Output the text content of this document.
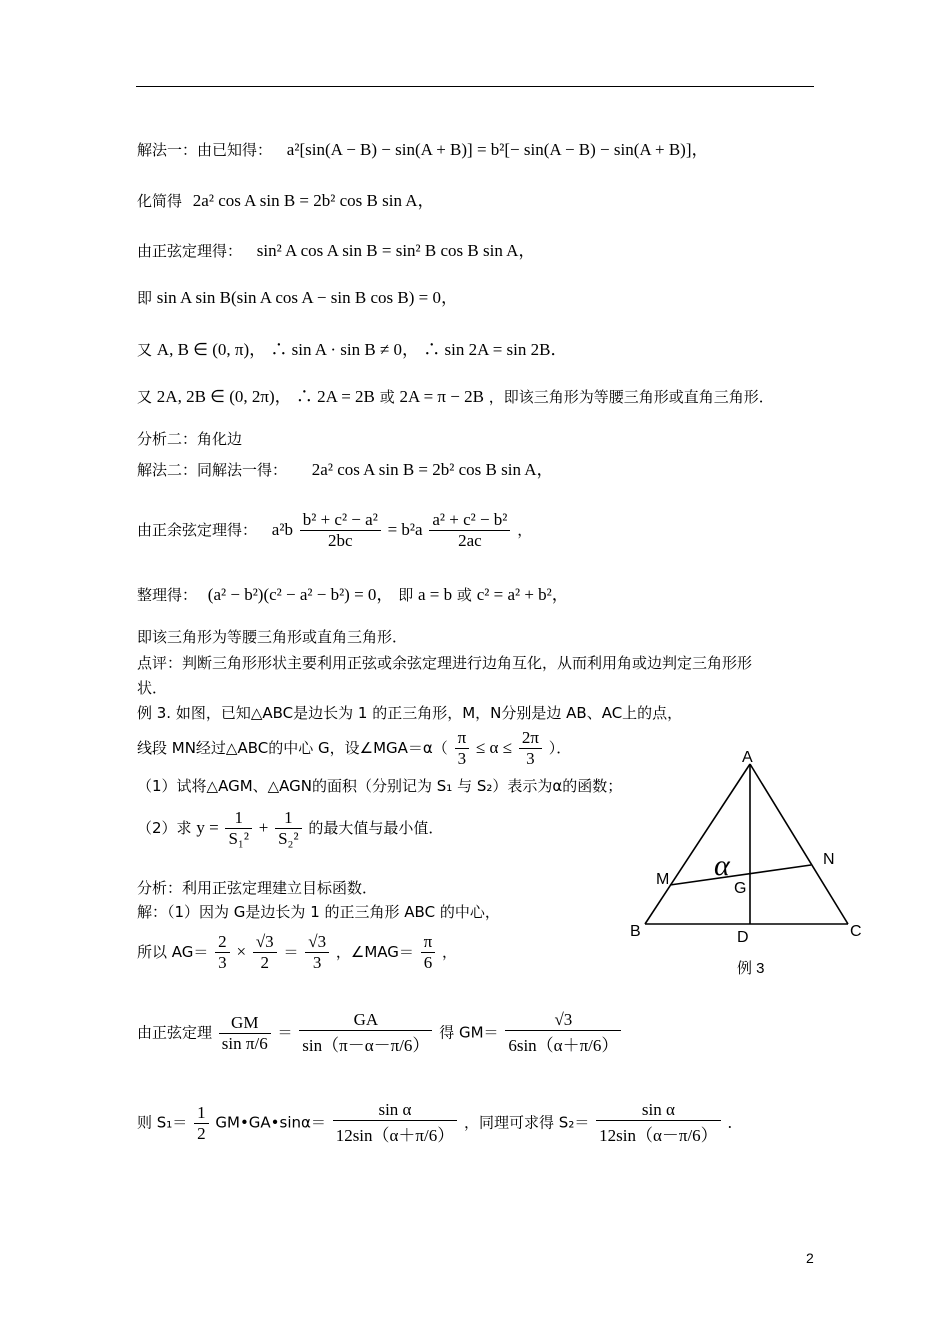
解法一：由已知得： a²[sin(A − B) − sin(A + B)] = b²[− sin(A − B) − sin(A + B)]，
化简得 2a² cos A sin B = 2b² cos B sin A，
由正弦定理得： sin² A cos A sin B = sin² B cos B sin A，
即 sin A sin B(sin A cos A − sin B cos B) = 0，
又 A, B ∈ (0, π)， ∴ sin A · sin B ≠ 0， ∴ sin 2A = sin 2B．
又 2A, 2B ∈ (0, 2π)， ∴ 2A = 2B 或 2A = π − 2B ，即该三角形为等腰三角形或直角三角形．
分析二：角化边
解法二：同解法一得： 2a² cos A sin B = 2b² cos B sin A，
由正余弦定理得： $a^2b \frac{\text{b² + c² − a²}}{2bc} = b^2a \frac{\text{a² + c² − b²}}{2ac}$ ，
整理得： (a² − b²)(c² − a² − b²) = 0， 即 a = b 或 c² = a² + b²，
即该三角形为等腰三角形或直角三角形．
点评：判断三角形形状主要利用正弦或余弦定理进行边角互化，从而利用角或边判定三角形形
状．
例 3. 如图，已知△ABC是边长为 1 的正三角形，M，N分别是边 AB、AC上的点，
线段 MN经过△ABC的中心 G，设∠MGA＝α（ $\frac{\pi}{3} \le \alpha \le \frac{2\pi}{3}$ ）．
（1）试将△AGM、△AGN的面积（分别记为 S₁ 与 S₂）表示为α的函数；
（2）求 $y = \frac{1}{\text{S₁²}} + \frac{1}{\text{S₂²}}$ 的最大值与最小值．
分析：利用正弦定理建立目标函数．
解：（1）因为 G是边长为 1 的正三角形 ABC 的中心，
所以 $AG= \frac{2}{3} \times \frac{√3}{2} = \frac{√3}{3}$ ，∠MAG＝ $\frac{\pi}{6}$ ，
由正弦定理 $\frac{GM}{\text{sin π/6}} = \frac{GA}{\sin(\pi-\alpha-\pi/6)}$ 得 $GM= \frac{√3}{6\sin(\alpha+\pi/6)}$
则 $S_1= \frac{1}{2}$ GM•GA•sinα＝ $\frac{\text{sin α}}{12\sin(\alpha+\pi/6)}$ ，同理可求得 $S_2= \frac{\text{sin α}}{12\sin(\alpha-\pi/6)}$ ．
A
B	C
D
M
N
G
α
例 3
2
